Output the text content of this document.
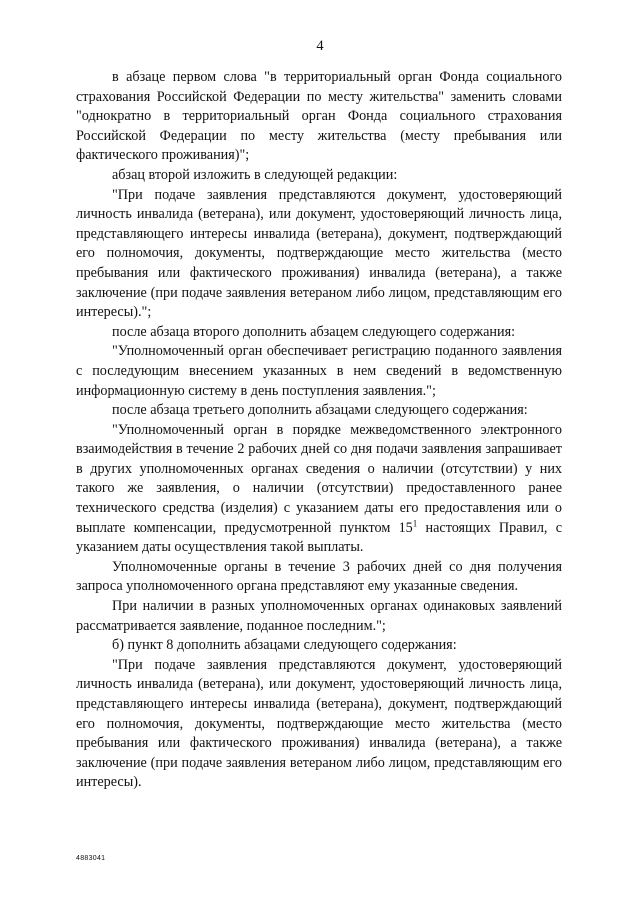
4

в абзаце первом слова "в территориальный орган Фонда социального страхования Российской Федерации по месту жительства" заменить словами "однократно в территориальный орган Фонда социального страхования Российской Федерации по месту жительства (месту пребывания или фактического проживания)";

абзац второй изложить в следующей редакции:

"При подаче заявления представляются документ, удостоверяющий личность инвалида (ветерана), или документ, удостоверяющий личность лица, представляющего интересы инвалида (ветерана), документ, подтверждающий его полномочия, документы, подтверждающие место жительства (место пребывания или фактического проживания) инвалида (ветерана), а также заключение (при подаче заявления ветераном либо лицом, представляющим его интересы).";

после абзаца второго дополнить абзацем следующего содержания:

"Уполномоченный орган обеспечивает регистрацию поданного заявления с последующим внесением указанных в нем сведений в ведомственную информационную систему в день поступления заявления.";

после абзаца третьего дополнить абзацами следующего содержания:

"Уполномоченный орган в порядке межведомственного электронного взаимодействия в течение 2 рабочих дней со дня подачи заявления запрашивает в других уполномоченных органах сведения о наличии (отсутствии) у них такого же заявления, о наличии (отсутствии) предоставленного ранее технического средства (изделия) с указанием даты его предоставления или о выплате компенсации, предусмотренной пунктом $15^1$ настоящих Правил, с указанием даты осуществления такой выплаты.

Уполномоченные органы в течение 3 рабочих дней со дня получения запроса уполномоченного органа представляют ему указанные сведения.

При наличии в разных уполномоченных органах одинаковых заявлений рассматривается заявление, поданное последним.";

б) пункт 8 дополнить абзацами следующего содержания:

"При подаче заявления представляются документ, удостоверяющий личность инвалида (ветерана), или документ, удостоверяющий личность лица, представляющего интересы инвалида (ветерана), документ, подтверждающий его полномочия, документы, подтверждающие место жительства (место пребывания или фактического проживания) инвалида (ветерана), а также заключение (при подаче заявления ветераном либо лицом, представляющим его интересы).

4883041
